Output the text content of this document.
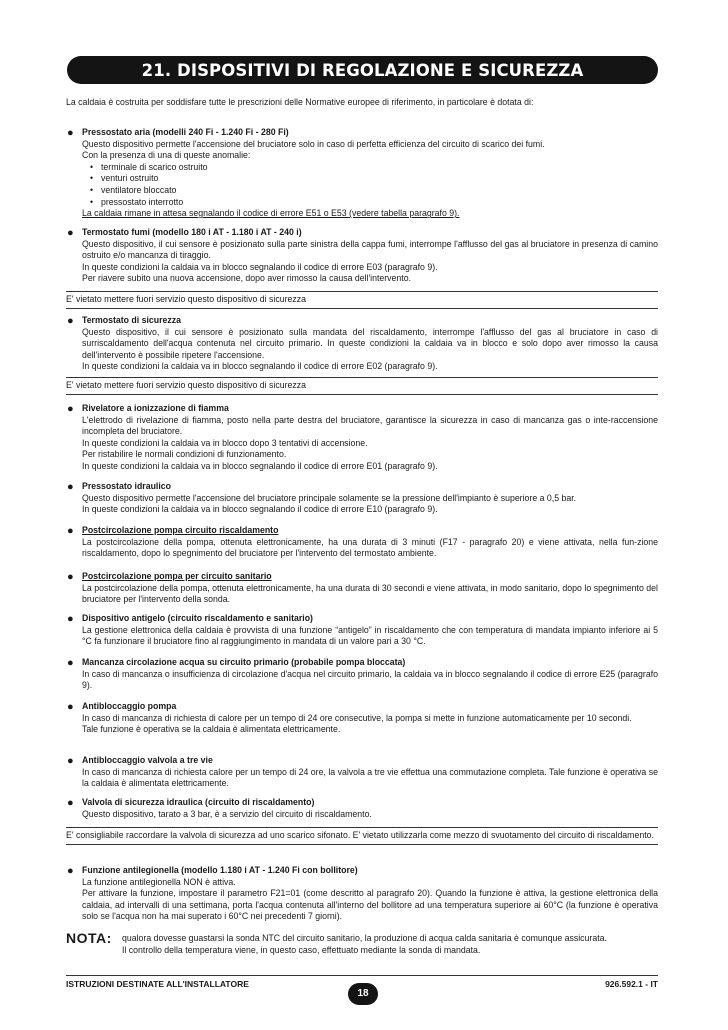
21. DISPOSITIVI DI REGOLAZIONE E SICUREZZA
La caldaia è costruita per soddisfare tutte le prescrizioni delle Normative europee di riferimento, in particolare è dotata di:
● Pressostato aria (modelli 240 Fi - 1.240 Fi - 280 Fi)
Questo dispositivo permette l'accensione del bruciatore solo in caso di perfetta efficienza del circuito di scarico dei fumi.
Con la presenza di una di queste anomalie:
• terminale di scarico ostruito
• venturi ostruito
• ventilatore bloccato
• pressostato interrotto
La caldaia rimane in attesa segnalando il codice di errore E51 o E53 (vedere tabella paragrafo 9).
● Termostato fumi (modello 180 i AT - 1.180 i AT - 240 i)
Questo dispositivo, il cui sensore è posizionato sulla parte sinistra della cappa fumi, interrompe l'afflusso del gas al bruciatore in presenza di camino ostruito e/o mancanza di tiraggio.
In queste condizioni la caldaia va in blocco segnalando il codice di errore E03 (paragrafo 9).
Per riavere subito una nuova accensione, dopo aver rimosso la causa dell'intervento.
E' vietato mettere fuori servizio questo dispositivo di sicurezza
● Termostato di sicurezza
Questo dispositivo, il cui sensore è posizionato sulla mandata del riscaldamento, interrompe l'afflusso del gas al bruciatore in caso di surriscaldamento dell'acqua contenuta nel circuito primario. In queste condizioni la caldaia va in blocco e solo dopo aver rimosso la causa dell'intervento è possibile ripetere l'accensione.
In queste condizioni la caldaia va in blocco segnalando il codice di errore E02 (paragrafo 9).
E' vietato mettere fuori servizio questo dispositivo di sicurezza
● Rivelatore a ionizzazione di fiamma
L'elettrodo di rivelazione di fiamma, posto nella parte destra del bruciatore, garantisce la sicurezza in caso di mancanza gas o inte-raccensione incompleta del bruciatore.
In queste condizioni la caldaia va in blocco dopo 3 tentativi di accensione.
Per ristabilire le normali condizioni di funzionamento.
In queste condizioni la caldaia va in blocco segnalando il codice di errore E01 (paragrafo 9).
● Pressostato idraulico
Questo dispositivo permette l'accensione del bruciatore principale solamente se la pressione dell'impianto è superiore a 0,5 bar.
In queste condizioni la caldaia va in blocco segnalando il codice di errore E10 (paragrafo 9).
● Postcircolazione pompa circuito riscaldamento
La postcircolazione della pompa, ottenuta elettronicamente, ha una durata di 3 minuti (F17 - paragrafo 20) e viene attivata, nella fun-zione riscaldamento, dopo lo spegnimento del bruciatore per l'intervento del termostato ambiente.
● Postcircolazione pompa per circuito sanitario
La postcircolazione della pompa, ottenuta elettronicamente, ha una durata di 30 secondi e viene attivata, in modo sanitario, dopo lo spegnimento del bruciatore per l'intervento della sonda.
● Dispositivo antigelo (circuito riscaldamento e sanitario)
La gestione elettronica della caldaia è provvista di una funzione “antigelo” in riscaldamento che con temperatura di mandata impianto inferiore ai 5 °C fa funzionare il bruciatore fino al raggiungimento in mandata di un valore pari a 30 °C.
● Mancanza circolazione acqua su circuito primario (probabile pompa bloccata)
In caso di mancanza o insufficienza di circolazione d'acqua nel circuito primario, la caldaia va in blocco segnalando il codice di errore E25 (paragrafo 9).
● Antibloccaggio pompa
In caso di mancanza di richiesta di calore per un tempo di 24 ore consecutive, la pompa si mette in funzione automaticamente per 10 secondi.
Tale funzione è operativa se la caldaia è alimentata elettricamente.
● Antibloccaggio valvola a tre vie
In caso di mancanza di richiesta calore per un tempo di 24 ore, la valvola a tre vie effettua una commutazione completa. Tale funzione è operativa se la caldaia è alimentata elettricamente.
● Valvola di sicurezza idraulica (circuito di riscaldamento)
Questo dispositivo, tarato a 3 bar, è a servizio del circuito di riscaldamento.
E' consigliabile raccordare la valvola di sicurezza ad uno scarico sifonato. E' vietato utilizzarla come mezzo di svuotamento del circuito di riscaldamento.
● Funzione antilegionella (modello 1.180 i AT - 1.240 Fi con bollitore)
La funzione antilegionella NON è attiva.
Per attivare la funzione, impostare il parametro F21=01 (come descritto al paragrafo 20). Quando la funzione è attiva, la gestione elettronica della caldaia, ad intervalli di una settimana, porta l'acqua contenuta all'interno del bollitore ad una temperatura superiore ai 60°C (la funzione è operativa solo se l'acqua non ha mai superato i 60°C nei precedenti 7 giorni).
NOTA: qualora dovesse guastarsi la sonda NTC del circuito sanitario, la produzione di acqua calda sanitaria è comunque assicurata.
Il controllo della temperatura viene, in questo caso, effettuato mediante la sonda di mandata.
ISTRUZIONI DESTINATE ALL'INSTALLATORE	926.592.1 - IT
18
